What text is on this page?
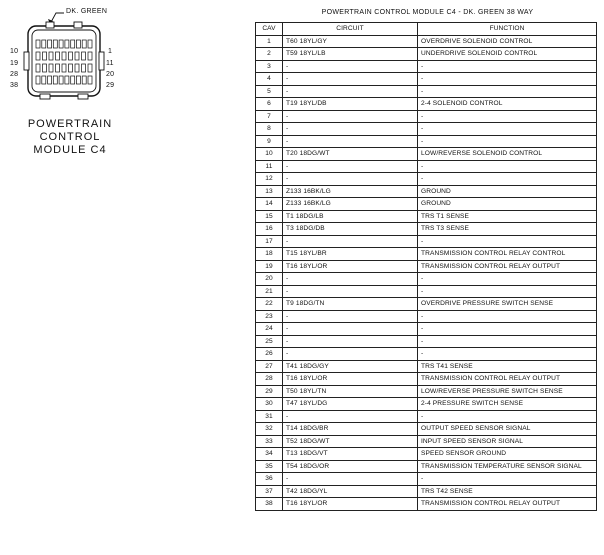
DK. GREEN
10
19
28
38
1
11
20
29
POWERTRAIN
CONTROL
MODULE C4
POWERTRAIN CONTROL MODULE C4 - DK. GREEN 38 WAY
CAV	CIRCUIT	FUNCTION
1	T60 18YL/GY	OVERDRIVE SOLENOID CONTROL
2	T59 18YL/LB	UNDERDRIVE SOLENOID CONTROL
3	-	-
4	-	-
5	-	-
6	T19 18YL/DB	2-4 SOLENOID CONTROL
7	-	-
8	-	-
9	-	-
10	T20 18DG/WT	LOW/REVERSE SOLENOID CONTROL
11	-	-
12	-	-
13	Z133 16BK/LG	GROUND
14	Z133 16BK/LG	GROUND
15	T1 18DG/LB	TRS T1 SENSE
16	T3 18DG/DB	TRS T3 SENSE
17	-	-
18	T15 18YL/BR	TRANSMISSION CONTROL RELAY CONTROL
19	T16 18YL/OR	TRANSMISSION CONTROL RELAY OUTPUT
20	-	-
21	-	-
22	T9 18DG/TN	OVERDRIVE PRESSURE SWITCH SENSE
23	-	-
24	-	-
25	-	-
26	-	-
27	T41 18DG/GY	TRS T41 SENSE
28	T16 18YL/OR	TRANSMISSION CONTROL RELAY OUTPUT
29	T50 18YL/TN	LOW/REVERSE PRESSURE SWITCH SENSE
30	T47 18YL/DG	2-4 PRESSURE SWITCH SENSE
31	-	-
32	T14 18DG/BR	OUTPUT SPEED SENSOR SIGNAL
33	T52 18DG/WT	INPUT SPEED SENSOR SIGNAL
34	T13 18DG/VT	SPEED SENSOR GROUND
35	T54 18DG/OR	TRANSMISSION TEMPERATURE SENSOR SIGNAL
36	-	-
37	T42 18DG/YL	TRS T42 SENSE
38	T16 18YL/OR	TRANSMISSION CONTROL RELAY OUTPUT
